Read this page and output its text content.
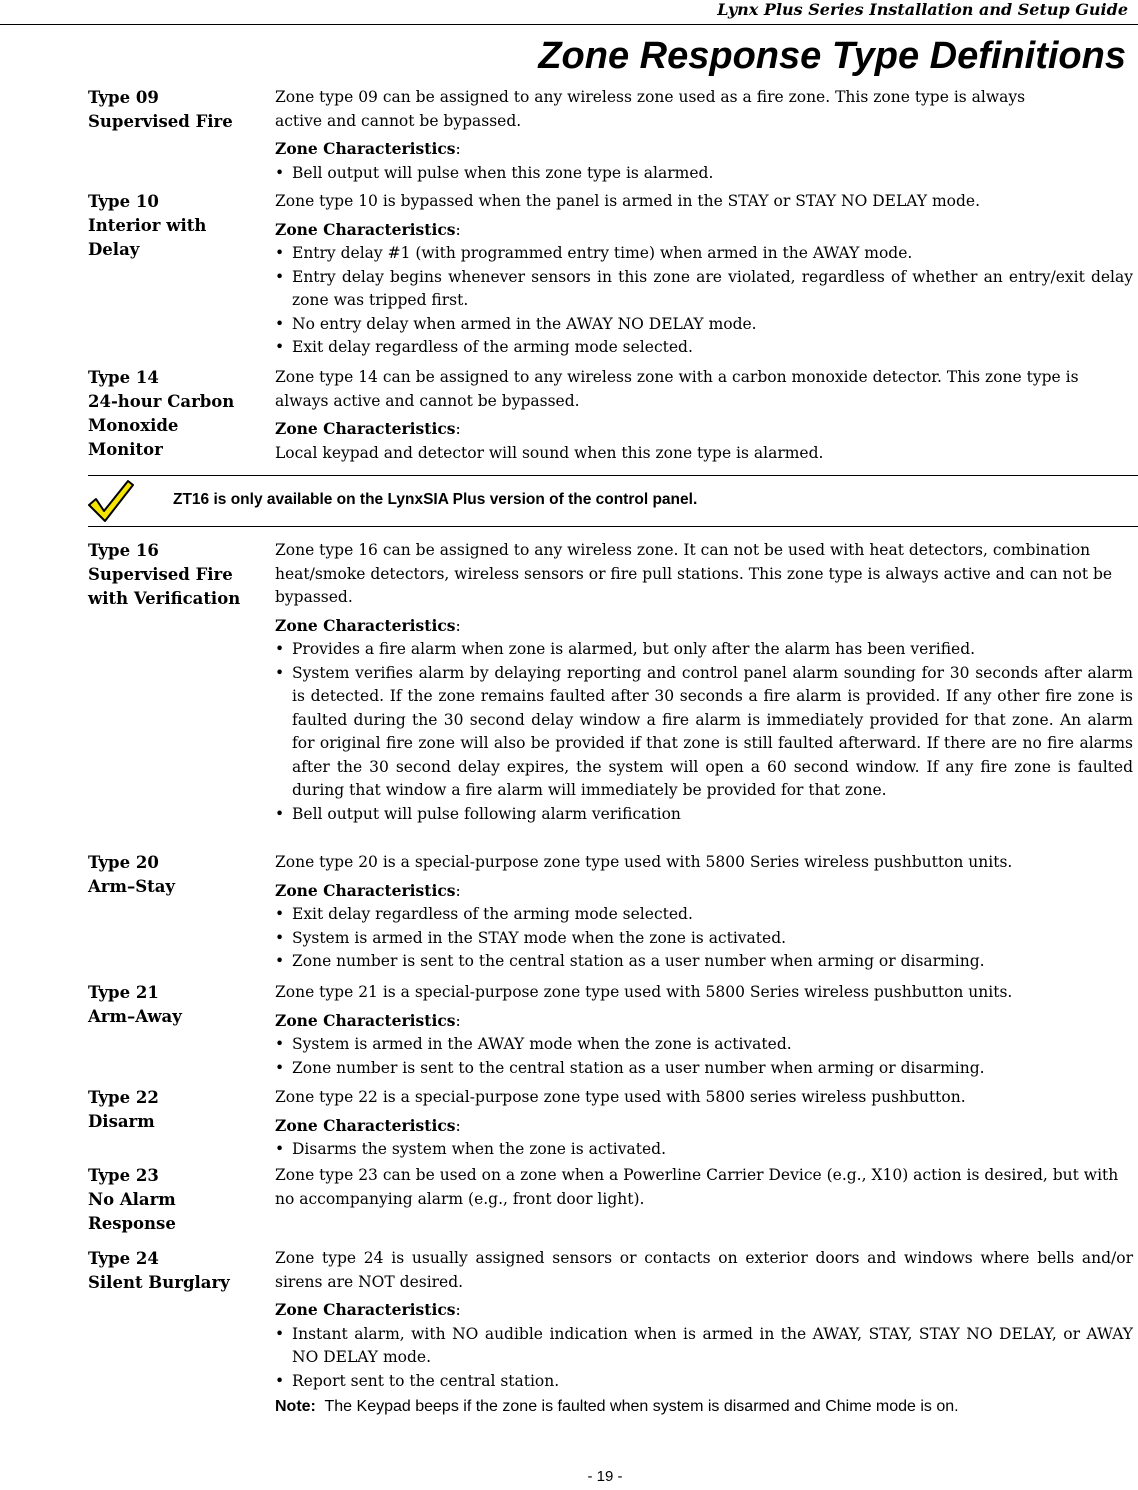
Lynx Plus Series Installation and Setup Guide
Zone Response Type Definitions
Type 09
Supervised Fire

Zone type 09 can be assigned to any wireless zone used as a fire zone. This zone type is always active and cannot be bypassed.

Zone Characteristics:

• Bell output will pulse when this zone type is alarmed.
Type 10
Interior with
Delay

Zone type 10 is bypassed when the panel is armed in the STAY or STAY NO DELAY mode.

Zone Characteristics:

• Entry delay #1 (with programmed entry time) when armed in the AWAY mode.
• Entry delay begins whenever sensors in this zone are violated, regardless of whether an entry/exit delay zone was tripped first.
• No entry delay when armed in the AWAY NO DELAY mode.
• Exit delay regardless of the arming mode selected.
Type 14
24-hour Carbon
Monoxide
Monitor

Zone type 14 can be assigned to any wireless zone with a carbon monoxide detector. This zone type is always active and cannot be bypassed.

Zone Characteristics:

Local keypad and detector will sound when this zone type is alarmed.

ZT16 is only available on the LynxSIA Plus version of the control panel.
Type 16
Supervised Fire
with Verification

Zone type 16 can be assigned to any wireless zone. It can not be used with heat detectors, combination heat/smoke detectors, wireless sensors or fire pull stations. This zone type is always active and can not be bypassed.

Zone Characteristics:

• Provides a fire alarm when zone is alarmed, but only after the alarm has been verified.
• System verifies alarm by delaying reporting and control panel alarm sounding for 30 seconds after alarm is detected. If the zone remains faulted after 30 seconds a fire alarm is provided. If any other fire zone is faulted during the 30 second delay window a fire alarm is immediately provided for that zone. An alarm for original fire zone will also be provided if that zone is still faulted afterward. If there are no fire alarms after the 30 second delay expires, the system will open a 60 second window. If any fire zone is faulted during that window a fire alarm will immediately be provided for that zone.
• Bell output will pulse following alarm verification
Type 20
Arm–Stay

Zone type 20 is a special-purpose zone type used with 5800 Series wireless pushbutton units.

Zone Characteristics:

• Exit delay regardless of the arming mode selected.
• System is armed in the STAY mode when the zone is activated.
• Zone number is sent to the central station as a user number when arming or disarming.
Type 21
Arm–Away

Zone type 21 is a special-purpose zone type used with 5800 Series wireless pushbutton units.

Zone Characteristics:

• System is armed in the AWAY mode when the zone is activated.
• Zone number is sent to the central station as a user number when arming or disarming.
Type 22
Disarm

Zone type 22 is a special-purpose zone type used with 5800 series wireless pushbutton.

Zone Characteristics:

• Disarms the system when the zone is activated.
Type 23
No Alarm
Response

Zone type 23 can be used on a zone when a Powerline Carrier Device (e.g., X10) action is desired, but with no accompanying alarm (e.g., front door light).

Type 24
Silent Burglary

Zone type 24 is usually assigned sensors or contacts on exterior doors and windows where bells and/or sirens are NOT desired.

Zone Characteristics:

• Instant alarm, with NO audible indication when is armed in the AWAY, STAY, STAY NO DELAY, or AWAY NO DELAY mode.
• Report sent to the central station.
Note: The Keypad beeps if the zone is faulted when system is disarmed and Chime mode is on.
- 19 -
